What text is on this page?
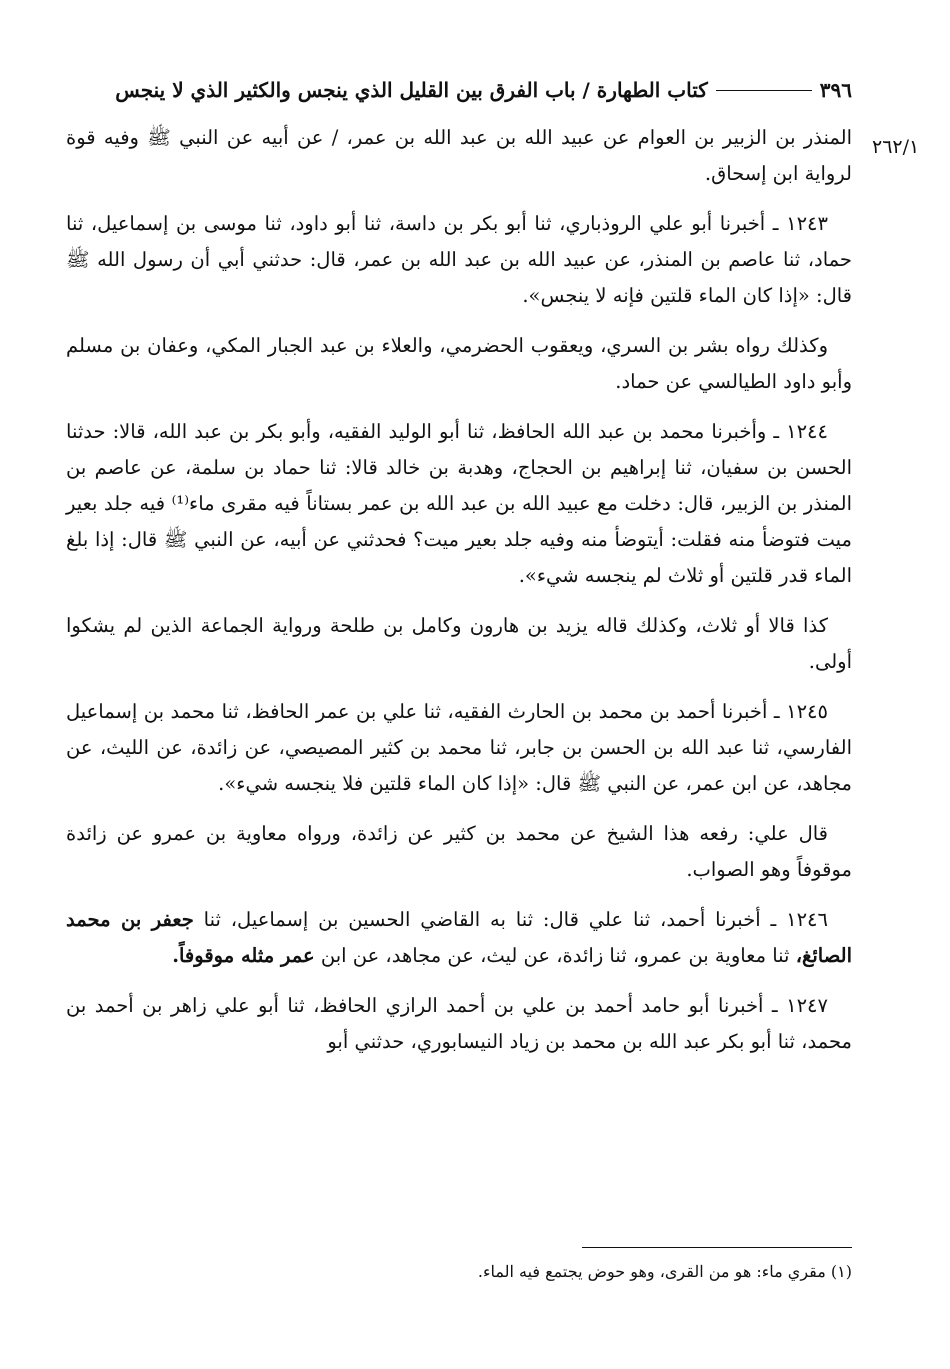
٣٩٦
كتاب الطهارة / باب الفرق بين القليل الذي ينجس والكثير الذي لا ينجس
٢٦٢/١

المنذر بن الزبير بن العوام عن عبيد الله بن عبد الله بن عمر، / عن أبيه عن النبي ﷺ وفيه قوة لرواية ابن إسحاق.

١٢٤٣ ـ أخبرنا أبو علي الروذباري، ثنا أبو بكر بن داسة، ثنا أبو داود، ثنا موسى بن إسماعيل، ثنا حماد، ثنا عاصم بن المنذر، عن عبيد الله بن عبد الله بن عمر، قال: حدثني أبي أن رسول الله ﷺ قال: «إذا كان الماء قلتين فإنه لا ينجس».

وكذلك رواه بشر بن السري، ويعقوب الحضرمي، والعلاء بن عبد الجبار المكي، وعفان بن مسلم وأبو داود الطيالسي عن حماد.

١٢٤٤ ـ وأخبرنا محمد بن عبد الله الحافظ، ثنا أبو الوليد الفقيه، وأبو بكر بن عبد الله، قالا: حدثنا الحسن بن سفيان، ثنا إبراهيم بن الحجاج، وهدبة بن خالد قالا: ثنا حماد بن سلمة، عن عاصم بن المنذر بن الزبير، قال: دخلت مع عبيد الله بن عبد الله بن عمر بستاناً فيه مقرى ماء⁽¹⁾ فيه جلد بعير ميت فتوضأ منه فقلت: أيتوضأ منه وفيه جلد بعير ميت؟ فحدثني عن أبيه، عن النبي ﷺ قال: إذا بلغ الماء قدر قلتين أو ثلاث لم ينجسه شيء».

كذا قالا أو ثلاث، وكذلك قاله يزيد بن هارون وكامل بن طلحة ورواية الجماعة الذين لم يشكوا أولى.

١٢٤٥ ـ أخبرنا أحمد بن محمد بن الحارث الفقيه، ثنا علي بن عمر الحافظ، ثنا محمد بن إسماعيل الفارسي، ثنا عبد الله بن الحسن بن جابر، ثنا محمد بن كثير المصيصي، عن زائدة، عن الليث، عن مجاهد، عن ابن عمر، عن النبي ﷺ قال: «إذا كان الماء قلتين فلا ينجسه شيء».

قال علي: رفعه هذا الشيخ عن محمد بن كثير عن زائدة، ورواه معاوية بن عمرو عن زائدة موقوفاً وهو الصواب.

١٢٤٦ ـ أخبرنا أحمد، ثنا علي قال: ثنا به القاضي الحسين بن إسماعيل، ثنا جعفر بن محمد الصائغ، ثنا معاوية بن عمرو، ثنا زائدة، عن ليث، عن مجاهد، عن ابن عمر مثله موقوفاً.

١٢٤٧ ـ أخبرنا أبو حامد أحمد بن علي بن أحمد الرازي الحافظ، ثنا أبو علي زاهر بن أحمد بن محمد، ثنا أبو بكر عبد الله بن محمد بن زياد النيسابوري، حدثني أبو

(١) مقري ماء: هو من القرى، وهو حوض يجتمع فيه الماء.
